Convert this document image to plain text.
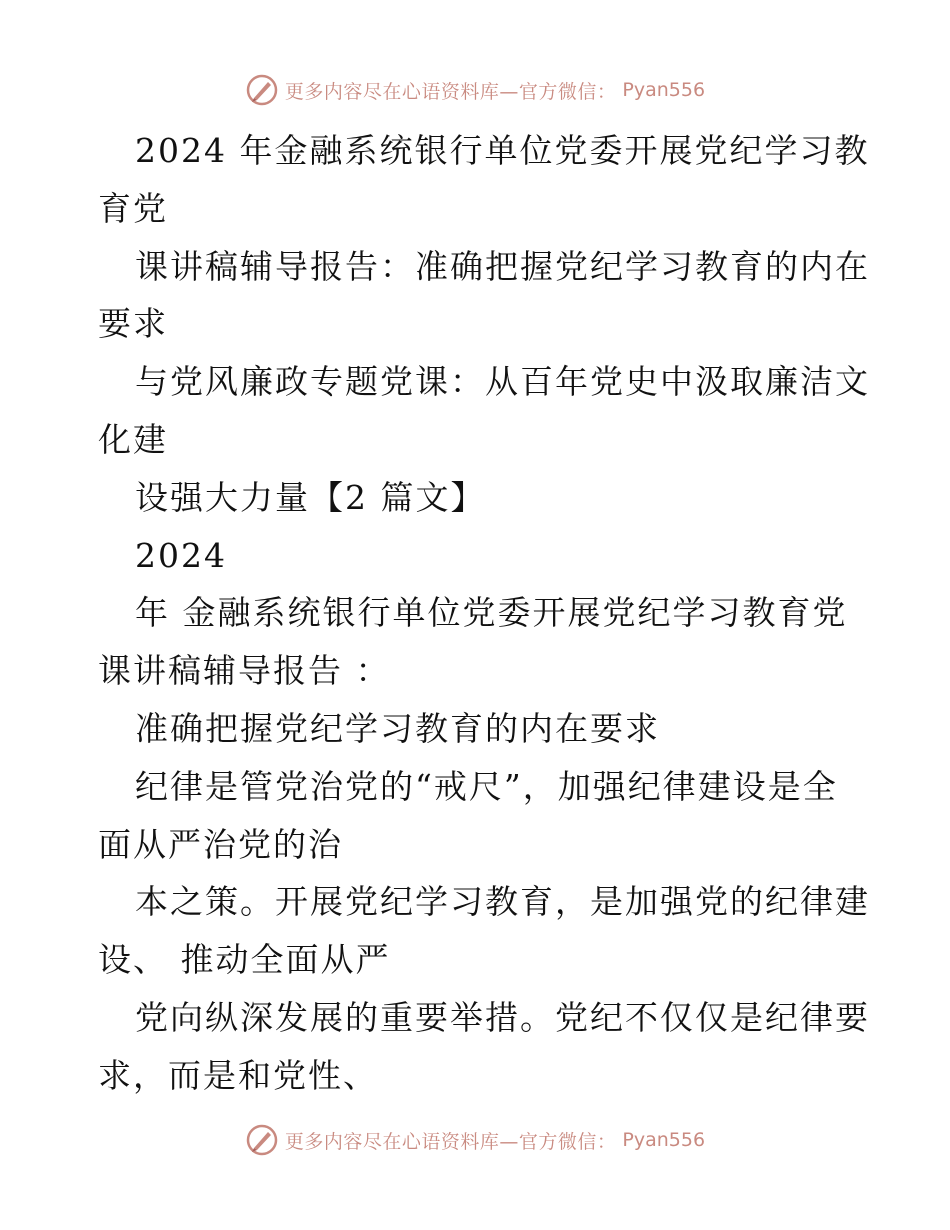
更多内容尽在心语资料库—官方微信： Pyan556
2024 年金融系统银行单位党委开展党纪学习教
育党
课讲稿辅导报告：准确把握党纪学习教育的内在
要求
与党风廉政专题党课：从百年党史中汲取廉洁文
化建
设强大力量【2 篇文】
2024
年 金融系统银行单位党委开展党纪学习教育党
课讲稿辅导报告 ：
准确把握党纪学习教育的内在要求
纪律是管党治党的“戒尺”，加强纪律建设是全
面从严治党的治
本之策。开展党纪学习教育，是加强党的纪律建
设、 推动全面从严
党向纵深发展的重要举措。党纪不仅仅是纪律要
求，而是和党性、
更多内容尽在心语资料库—官方微信： Pyan556
